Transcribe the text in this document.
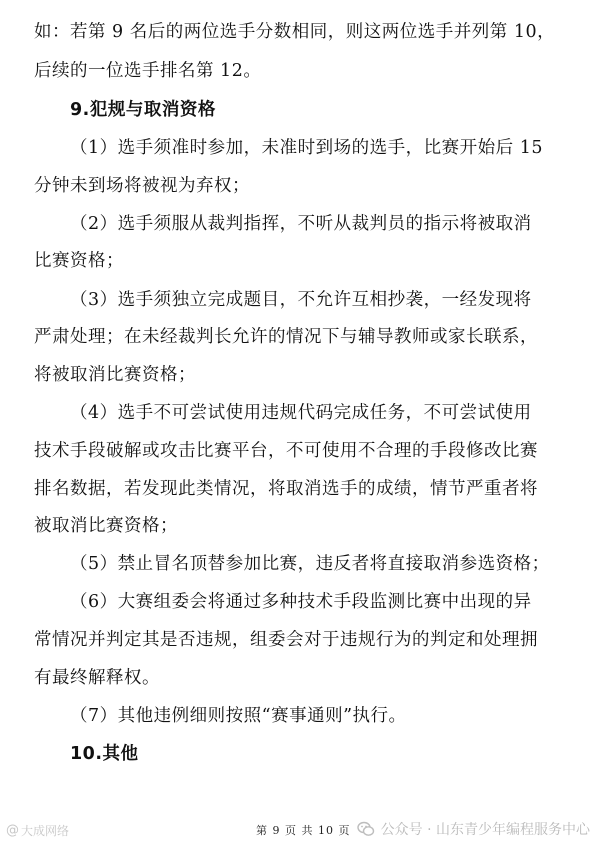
如：若第 9 名后的两位选手分数相同，则这两位选手并列第 10，
后续的一位选手排名第 12。
9.犯规与取消资格
（1）选手须准时参加，未准时到场的选手，比赛开始后 15
分钟未到场将被视为弃权；
（2）选手须服从裁判指挥，不听从裁判员的指示将被取消
比赛资格；
（3）选手须独立完成题目，不允许互相抄袭，一经发现将
严肃处理；在未经裁判长允许的情况下与辅导教师或家长联系，
将被取消比赛资格；
（4）选手不可尝试使用违规代码完成任务，不可尝试使用
技术手段破解或攻击比赛平台，不可使用不合理的手段修改比赛
排名数据，若发现此类情况，将取消选手的成绩，情节严重者将
被取消比赛资格；
（5）禁止冒名顶替参加比赛，违反者将直接取消参选资格；
（6）大赛组委会将通过多种技术手段监测比赛中出现的异
常情况并判定其是否违规，组委会对于违规行为的判定和处理拥
有最终解释权。
（7）其他违例细则按照“赛事通则”执行。
10.其他
@ 大成网络	第 9 页 共 10 页 公众号 · 山东青少年编程服务中心
